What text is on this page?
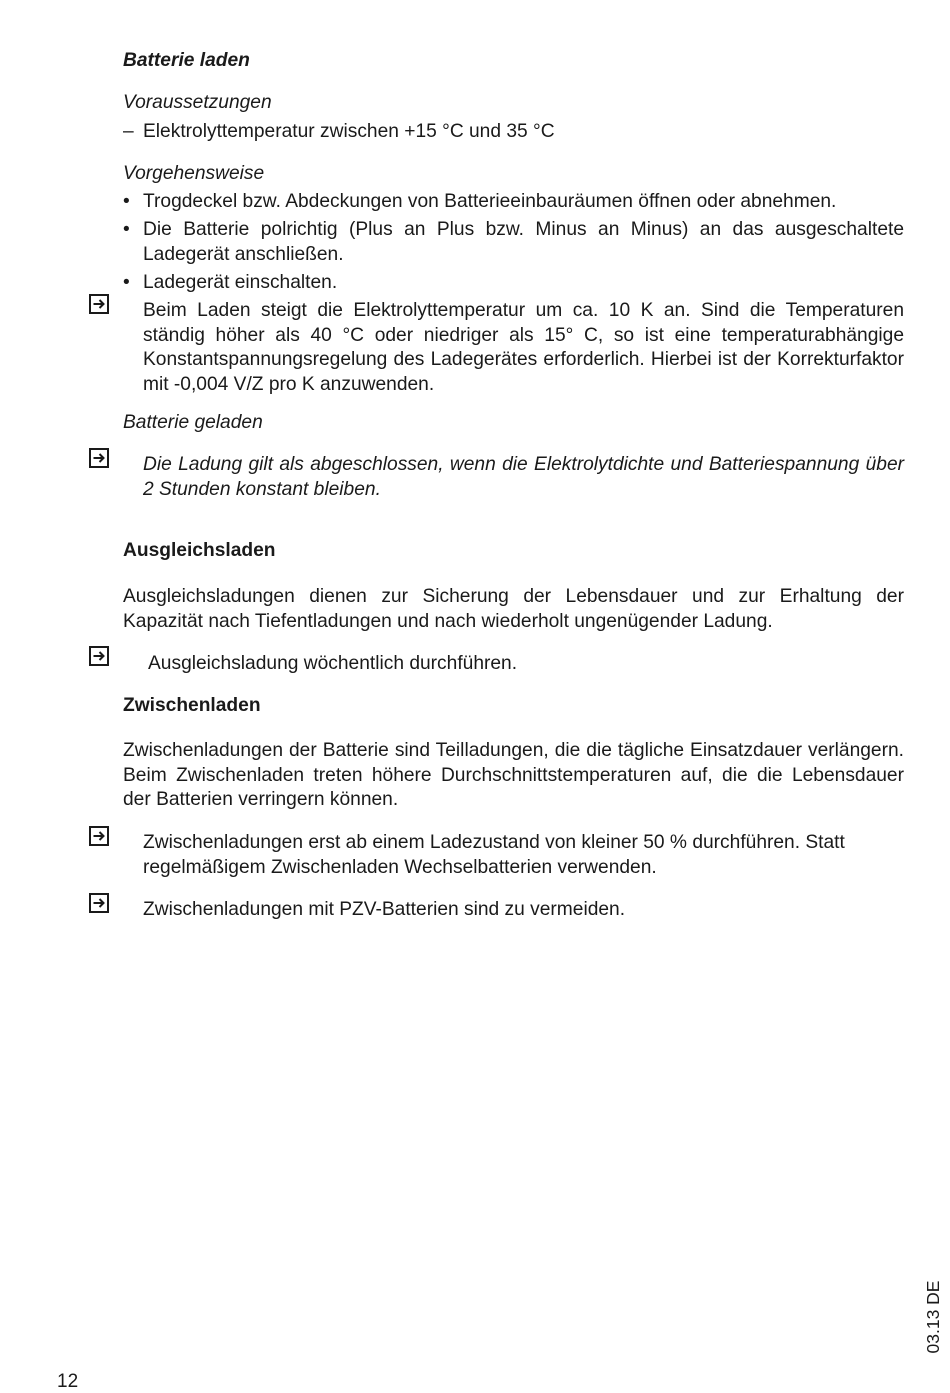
Batterie laden
Voraussetzungen
– Elektrolyttemperatur zwischen +15 °C und 35 °C
Vorgehensweise
• Trogdeckel bzw. Abdeckungen von Batterieeinbauräumen öffnen oder abnehmen.
• Die Batterie polrichtig (Plus an Plus bzw. Minus an Minus) an das ausgeschaltete Ladegerät anschließen.
• Ladegerät einschalten.
Beim Laden steigt die Elektrolyttemperatur um ca. 10 K an. Sind die Temperaturen ständig höher als 40 °C oder niedriger als 15° C, so ist eine temperaturabhängige Konstantspannungsregelung des Ladegerätes erforderlich. Hierbei ist der Korrekturfaktor mit -0,004 V/Z pro K anzuwenden.
Batterie geladen
Die Ladung gilt als abgeschlossen, wenn die Elektrolytdichte und Batteriespannung über 2 Stunden konstant bleiben.
Ausgleichsladen
Ausgleichsladungen dienen zur Sicherung der Lebensdauer und zur Erhaltung der Kapazität nach Tiefentladungen und nach wiederholt ungenügender Ladung.
Ausgleichsladung wöchentlich durchführen.
Zwischenladen
Zwischenladungen der Batterie sind Teilladungen, die die tägliche Einsatzdauer verlängern. Beim Zwischenladen treten höhere Durchschnittstemperaturen auf, die die Lebensdauer der Batterien verringern können.
Zwischenladungen erst ab einem Ladezustand von kleiner 50 % durchführen. Statt regelmäßigem Zwischenladen Wechselbatterien verwenden.
Zwischenladungen mit PZV-Batterien sind zu vermeiden.
03.13 DE
12
